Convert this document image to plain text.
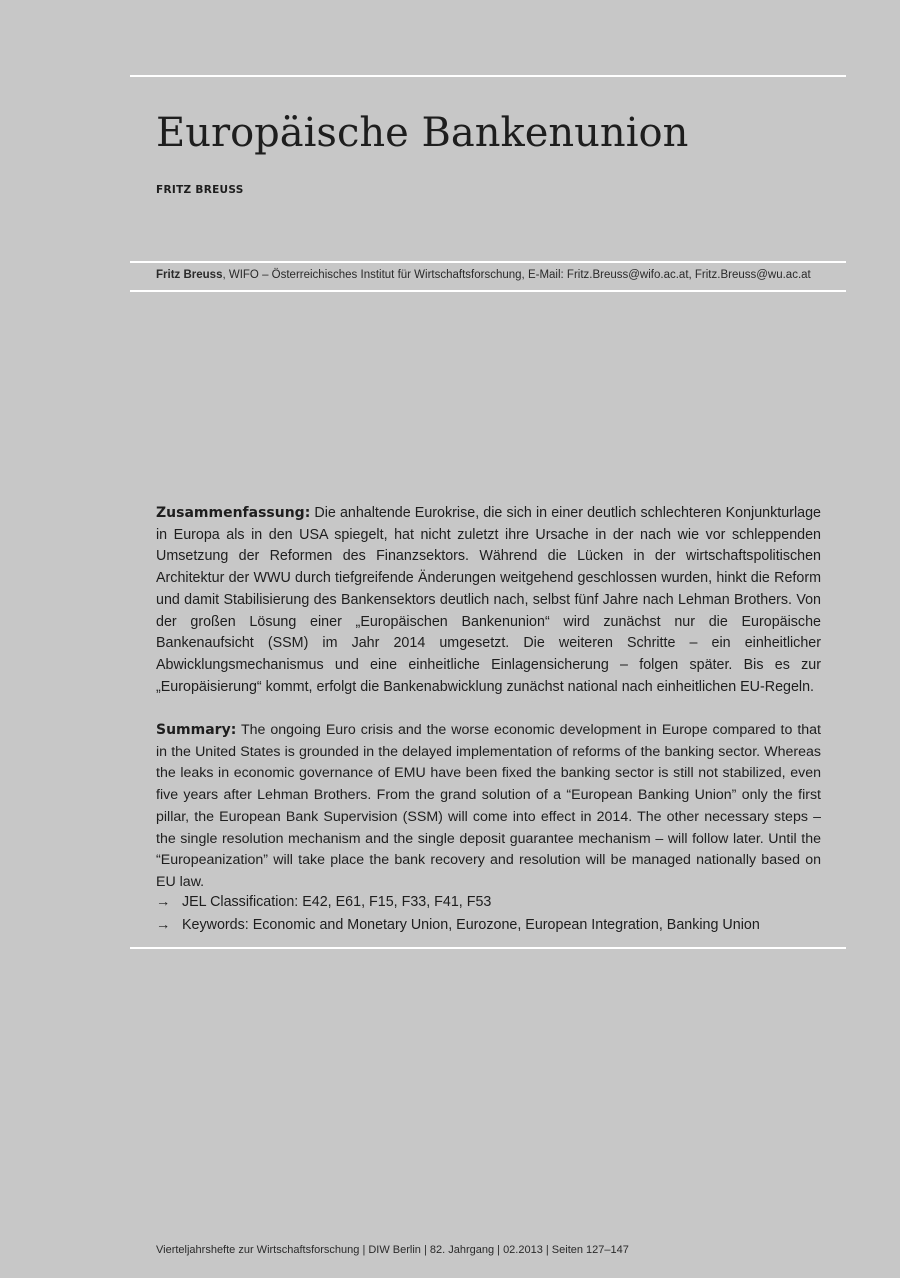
Europäische Bankenunion
FRITZ BREUSS
Fritz Breuss, WIFO – Österreichisches Institut für Wirtschaftsforschung, E-Mail: Fritz.Breuss@wifo.ac.at, Fritz.Breuss@wu.ac.at

Zusammenfassung: Die anhaltende Eurokrise, die sich in einer deutlich schlechteren Konjunkturlage in Europa als in den USA spiegelt, hat nicht zuletzt ihre Ursache in der nach wie vor schleppenden Umsetzung der Reformen des Finanzsektors. Während die Lücken in der wirtschaftspolitischen Architektur der WWU durch tiefgreifende Änderungen weitgehend geschlossen wurden, hinkt die Reform und damit Stabilisierung des Bankensektors deutlich nach, selbst fünf Jahre nach Lehman Brothers. Von der großen Lösung einer „Europäischen Bankenunion“ wird zunächst nur die Europäische Bankenaufsicht (SSM) im Jahr 2014 umgesetzt. Die weiteren Schritte – ein einheitlicher Abwicklungsmechanismus und eine einheitliche Einlagensicherung – folgen später. Bis es zur „Europäisierung“ kommt, erfolgt die Bankenabwicklung zunächst national nach einheitlichen EU-Regeln.

Summary: The ongoing Euro crisis and the worse economic development in Europe compared to that in the United States is grounded in the delayed implementation of reforms of the banking sector. Whereas the leaks in economic governance of EMU have been fixed the banking sector is still not stabilized, even five years after Lehman Brothers. From the grand solution of a “European Banking Union” only the first pillar, the European Bank Supervision (SSM) will come into effect in 2014. The other necessary steps – the single resolution mechanism and the single deposit guarantee mechanism – will follow later. Until the “Europeanization” will take place the bank recovery and resolution will be managed nationally based on EU law.

→ JEL Classification: E42, E61, F15, F33, F41, F53
→ Keywords: Economic and Monetary Union, Eurozone, European Integration, Banking Union
Vierteljahrshefte zur Wirtschaftsforschung | DIW Berlin | 82. Jahrgang | 02.2013 | Seiten 127–147
